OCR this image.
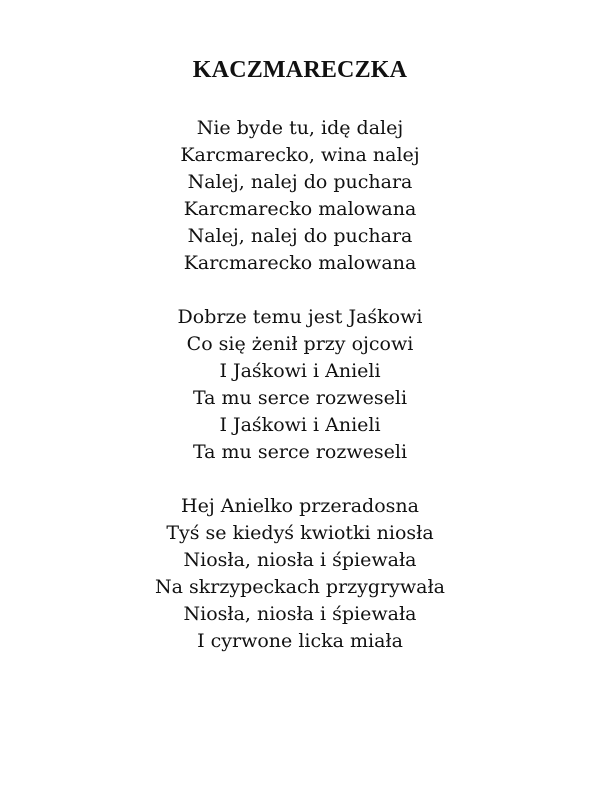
KACZMARECZKA
Nie byde tu, idę dalej
Karcmarecko, wina nalej
Nalej, nalej do puchara
Karcmarecko malowana
Nalej, nalej do puchara
Karcmarecko malowana
Dobrze temu jest Jaśkowi
Co się żenił przy ojcowi
I Jaśkowi i Anieli
Ta mu serce rozweseli
I Jaśkowi i Anieli
Ta mu serce rozweseli
Hej Anielko przeradosna
Tyś se kiedyś kwiotki niosła
Niosła, niosła i śpiewała
Na skrzypeckach przygrywała
Niosła, niosła i śpiewała
I cyrwone licka miała
